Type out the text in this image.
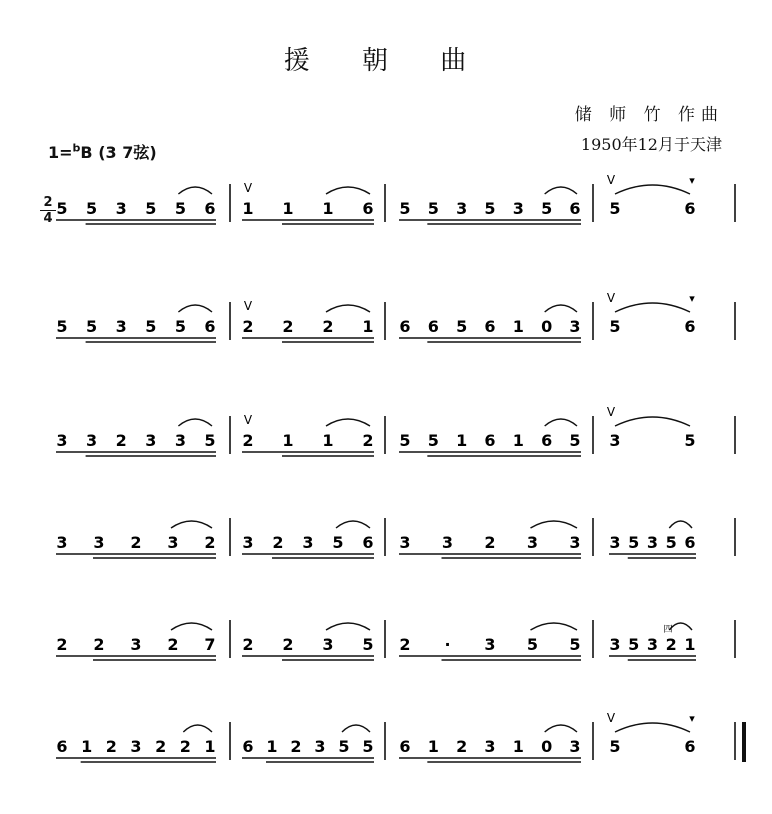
援 朝 曲
储 师 竹 作曲
1950年12月于天津
1=$^b$B (3 7弦)
2
4
5 5 3 5 5 6 1 1 1 6
V
5 5 3 5 3 5 6 5	6
V	▾
5 5 3 5 5 6 2 2 2 1
V
6 6 5 6 1 0 3 5	6
V	▾
3 3 2 3 3 5 2 1 1 2
V
5 5 1 6 1 6 5 3	5
V
3 3 2 3 2 3 2 3 5 6 3 3 2 3 3 3 5 3 5 6
2 2 3 2 7 2 2 3 5 2 · 3 5 5 3 5 3 2 1
6 1 2 3 2 2 1 6 1 2 3 5 5 6 1 2 3 1 0 3 5	6
V	▾
四
